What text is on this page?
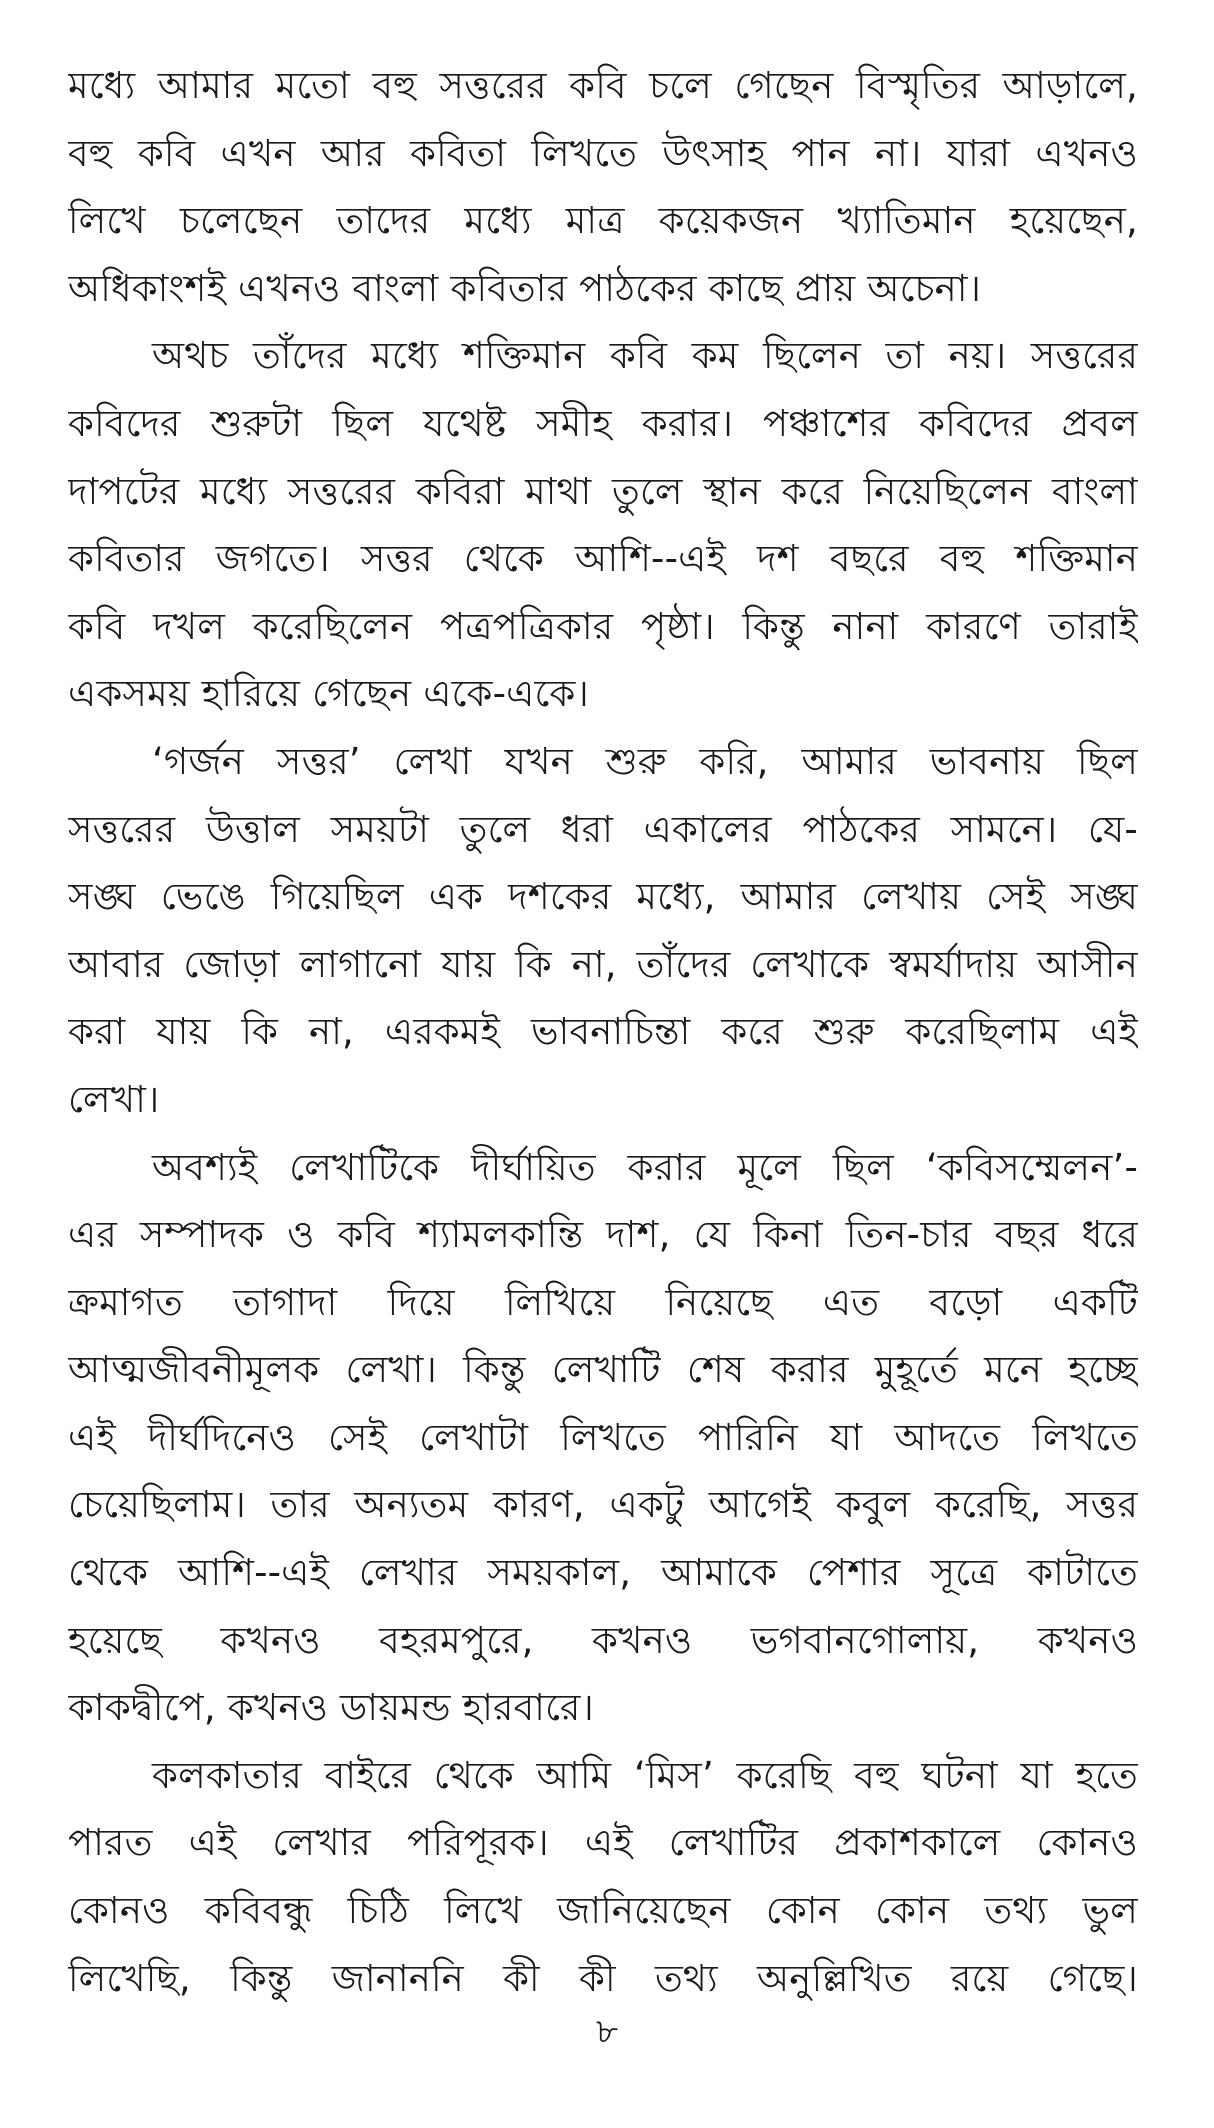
মধ্যে আমার মতো বহু সত্তরের কবি চলে গেছেন বিস্মৃতির আড়ালে,
বহু কবি এখন আর কবিতা লিখতে উৎসাহ পান না। যারা এখনও
লিখে চলেছেন তাদের মধ্যে মাত্র কয়েকজন খ্যাতিমান হয়েছেন,
অধিকাংশই এখনও বাংলা কবিতার পাঠকের কাছে প্রায় অচেনা।
অথচ তাঁদের মধ্যে শক্তিমান কবি কম ছিলেন তা নয়। সত্তরের
কবিদের শুরুটা ছিল যথেষ্ট সমীহ করার। পঞ্চাশের কবিদের প্রবল
দাপটের মধ্যে সত্তরের কবিরা মাথা তুলে স্থান করে নিয়েছিলেন বাংলা
কবিতার জগতে। সত্তর থেকে আশি--এই দশ বছরে বহু শক্তিমান
কবি দখল করেছিলেন পত্রপত্রিকার পৃষ্ঠা। কিন্তু নানা কারণে তারাই
একসময় হারিয়ে গেছেন একে-একে।
‘গর্জন সত্তর’ লেখা যখন শুরু করি, আমার ভাবনায় ছিল
সত্তরের উত্তাল সময়টা তুলে ধরা একালের পাঠকের সামনে। যে-
সঙ্ঘ ভেঙে গিয়েছিল এক দশকের মধ্যে, আমার লেখায় সেই সঙ্ঘ
আবার জোড়া লাগানো যায় কি না, তাঁদের লেখাকে স্বমর্যাদায় আসীন
করা যায় কি না, এরকমই ভাবনাচিন্তা করে শুরু করেছিলাম এই
লেখা।
অবশ্যই লেখাটিকে দীর্ঘায়িত করার মূলে ছিল ‘কবিসম্মেলন’-
এর সম্পাদক ও কবি শ্যামলকান্তি দাশ, যে কিনা তিন-চার বছর ধরে
ক্রমাগত তাগাদা দিয়ে লিখিয়ে নিয়েছে এত বড়ো একটি
আত্মজীবনীমূলক লেখা। কিন্তু লেখাটি শেষ করার মুহূর্তে মনে হচ্ছে
এই দীর্ঘদিনেও সেই লেখাটা লিখতে পারিনি যা আদতে লিখতে
চেয়েছিলাম। তার অন্যতম কারণ, একটু আগেই কবুল করেছি, সত্তর
থেকে আশি--এই লেখার সময়কাল, আমাকে পেশার সূত্রে কাটাতে
হয়েছে কখনও বহরমপুরে, কখনও ভগবানগোলায়, কখনও
কাকদ্বীপে, কখনও ডায়মন্ড হারবারে।
কলকাতার বাইরে থেকে আমি ‘মিস’ করেছি বহু ঘটনা যা হতে
পারত এই লেখার পরিপূরক। এই লেখাটির প্রকাশকালে কোনও
কোনও কবিবন্ধু চিঠি লিখে জানিয়েছেন কোন কোন তথ্য ভুল
লিখেছি, কিন্তু জানাননি কী কী তথ্য অনুল্লিখিত রয়ে গেছে।
৮
